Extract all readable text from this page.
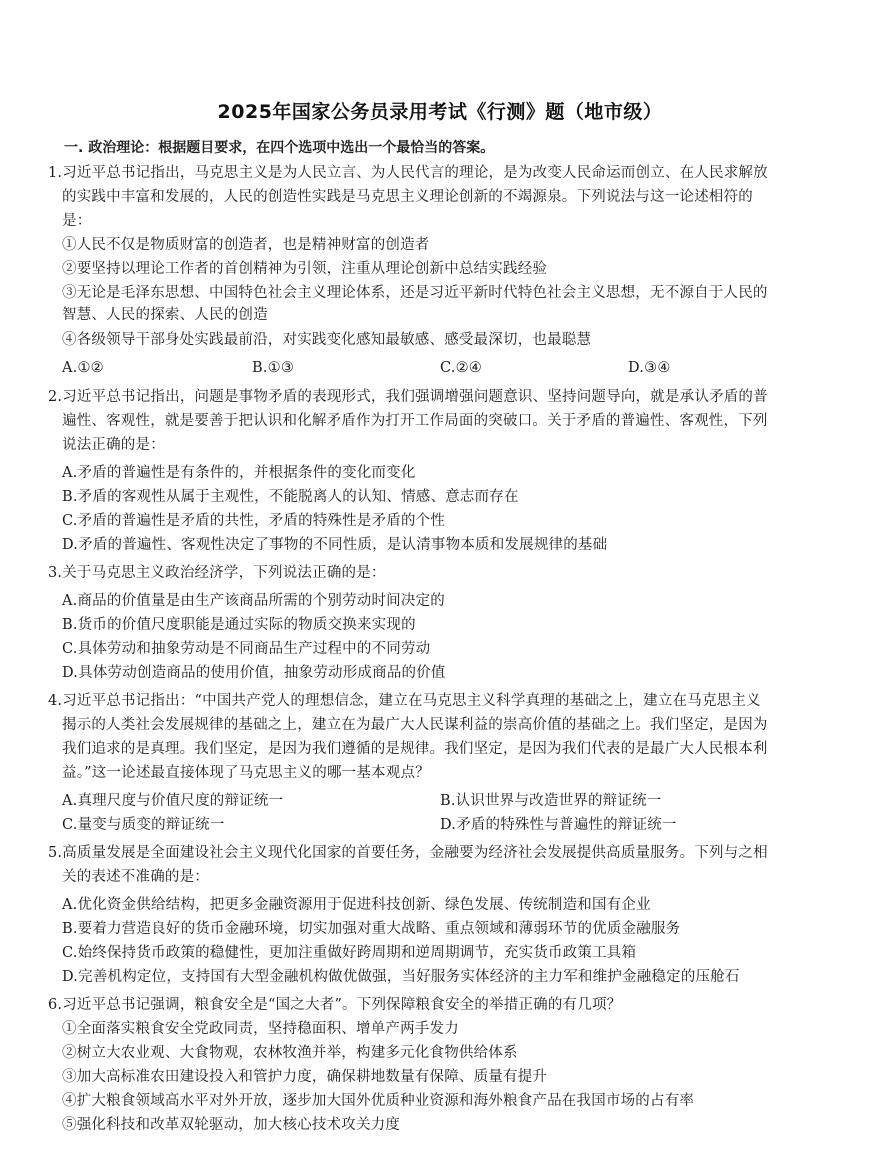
2025年国家公务员录用考试《行测》题（地市级）
一. 政治理论：根据题目要求，在四个选项中选出一个最恰当的答案。
1.习近平总书记指出，马克思主义是为人民立言、为人民代言的理论，是为改变人民命运而创立、在人民求解放
的实践中丰富和发展的，人民的创造性实践是马克思主义理论创新的不竭源泉。下列说法与这一论述相符的
是：
①人民不仅是物质财富的创造者，也是精神财富的创造者
②要坚持以理论工作者的首创精神为引领，注重从理论创新中总结实践经验
③无论是毛泽东思想、中国特色社会主义理论体系，还是习近平新时代特色社会主义思想，无不源自于人民的
智慧、人民的探索、人民的创造
④各级领导干部身处实践最前沿，对实践变化感知最敏感、感受最深切，也最聪慧
A.①②	B.①③	C.②④	D.③④
2.习近平总书记指出，问题是事物矛盾的表现形式，我们强调增强问题意识、坚持问题导向，就是承认矛盾的普
遍性、客观性，就是要善于把认识和化解矛盾作为打开工作局面的突破口。关于矛盾的普遍性、客观性，下列
说法正确的是：
A.矛盾的普遍性是有条件的，并根据条件的变化而变化
B.矛盾的客观性从属于主观性，不能脱离人的认知、情感、意志而存在
C.矛盾的普遍性是矛盾的共性，矛盾的特殊性是矛盾的个性
D.矛盾的普遍性、客观性决定了事物的不同性质，是认清事物本质和发展规律的基础
3.关于马克思主义政治经济学，下列说法正确的是：
A.商品的价值量是由生产该商品所需的个别劳动时间决定的
B.货币的价值尺度职能是通过实际的物质交换来实现的
C.具体劳动和抽象劳动是不同商品生产过程中的不同劳动
D.具体劳动创造商品的使用价值，抽象劳动形成商品的价值
4.习近平总书记指出：“中国共产党人的理想信念，建立在马克思主义科学真理的基础之上，建立在马克思主义
揭示的人类社会发展规律的基础之上，建立在为最广大人民谋利益的崇高价值的基础之上。我们坚定，是因为
我们追求的是真理。我们坚定，是因为我们遵循的是规律。我们坚定，是因为我们代表的是最广大人民根本利
益。”这一论述最直接体现了马克思主义的哪一基本观点？
A.真理尺度与价值尺度的辩证统一	B.认识世界与改造世界的辩证统一
C.量变与质变的辩证统一	D.矛盾的特殊性与普遍性的辩证统一
5.高质量发展是全面建设社会主义现代化国家的首要任务，金融要为经济社会发展提供高质量服务。下列与之相
关的表述不准确的是：
A.优化资金供给结构，把更多金融资源用于促进科技创新、绿色发展、传统制造和国有企业
B.要着力营造良好的货币金融环境，切实加强对重大战略、重点领域和薄弱环节的优质金融服务
C.始终保持货币政策的稳健性，更加注重做好跨周期和逆周期调节，充实货币政策工具箱
D.完善机构定位，支持国有大型金融机构做优做强，当好服务实体经济的主力军和维护金融稳定的压舱石
6.习近平总书记强调，粮食安全是“国之大者”。下列保障粮食安全的举措正确的有几项？
①全面落实粮食安全党政同责，坚持稳面积、增单产两手发力
②树立大农业观、大食物观，农林牧渔并举，构建多元化食物供给体系
③加大高标准农田建设投入和管护力度，确保耕地数量有保障、质量有提升
④扩大粮食领域高水平对外开放，逐步加大国外优质种业资源和海外粮食产品在我国市场的占有率
⑤强化科技和改革双轮驱动，加大核心技术攻关力度
